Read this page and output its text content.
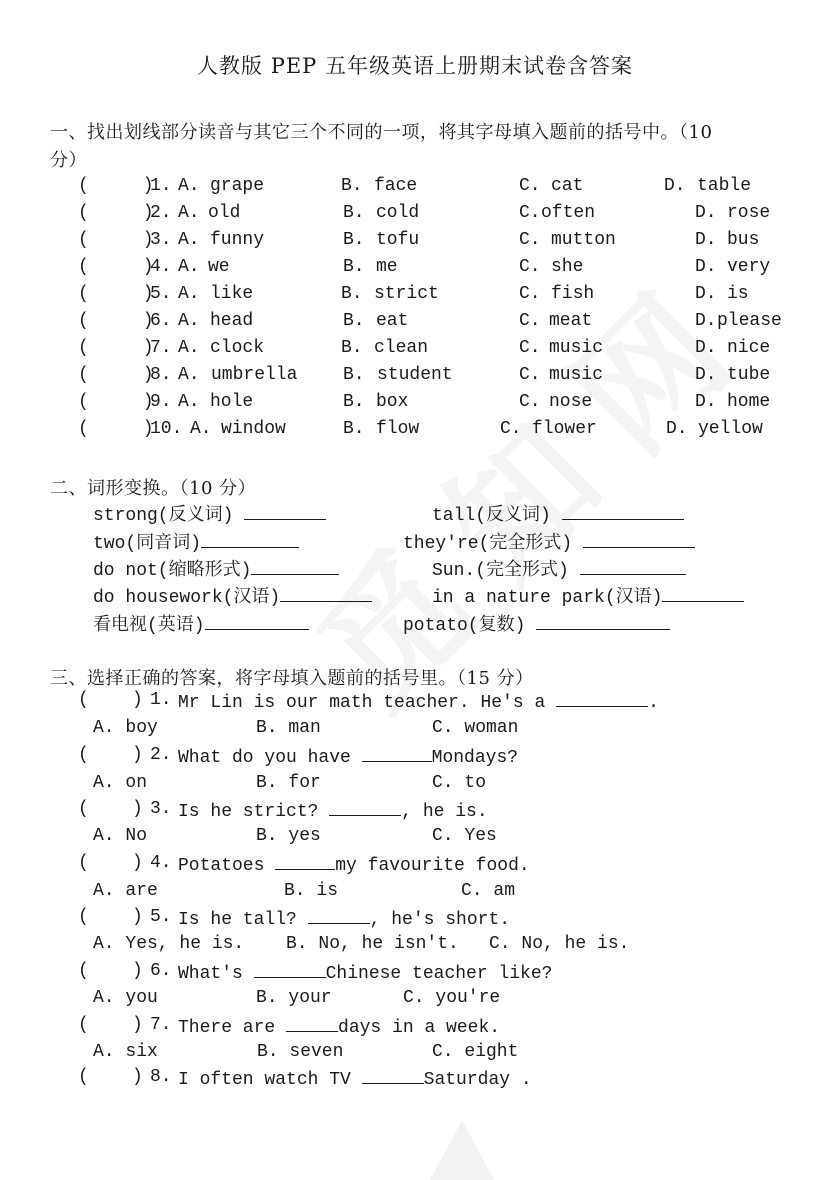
人教版 PEP 五年级英语上册期末试卷含答案
一、找出划线部分读音与其它三个不同的一项，将其字母填入题前的括号中。（10
分）
(     )
1. A. grape	B. face	C. cat	D. table
(     )
2. A. old	B. cold	C. often	D. rose
(     )
3. A. funny	B. tofu	C. mutton	D. bus
(     )
4. A. we	B. me	C. she	D. very
(     )
5. A. like	B. strict	C. fish	D. is
(     )
6. A. head	B. eat	C. meat	D. please
(     )
7. A. clock	B. clean	C. music	D. nice
(     )
8. A. umbrella	B. student	C. music	D. tube
(     )
9. A. hole	B. box	C. nose	D. home
(     )
10. A. window	B. flow	C. flower	D. yellow
二、词形变换。（10 分）
strong(反义词)	tall(反义词)
two(同音词)	they're(完全形式)
do not(缩略形式)	Sun.(完全形式)
do housework(汉语)	in a nature park(汉语)
看电视(英语)	potato(复数)
三、选择正确的答案，将字母填入题前的括号里。（15 分）
(    ) 1. Mr Lin is our math teacher. He's a	.
A. boy	B. man	C. woman
(    ) 2. What do you have	Mondays?
A. on	B. for	C. to
(    ) 3. Is he strict?	, he is.
A. No	B. yes	C. Yes
(    ) 4. Potatoes	my favourite food.
A. are	B. is	C. am
(    ) 5. Is he tall?	, he's short.
A. Yes, he is. B. No, he isn't. C. No, he is.
(    ) 6. What's	Chinese teacher like?
A. you	B. your	C. you're
(    ) 7. There are	days in a week.
A. six	B. seven	C. eight
(    ) 8. I often watch TV	Saturday .
